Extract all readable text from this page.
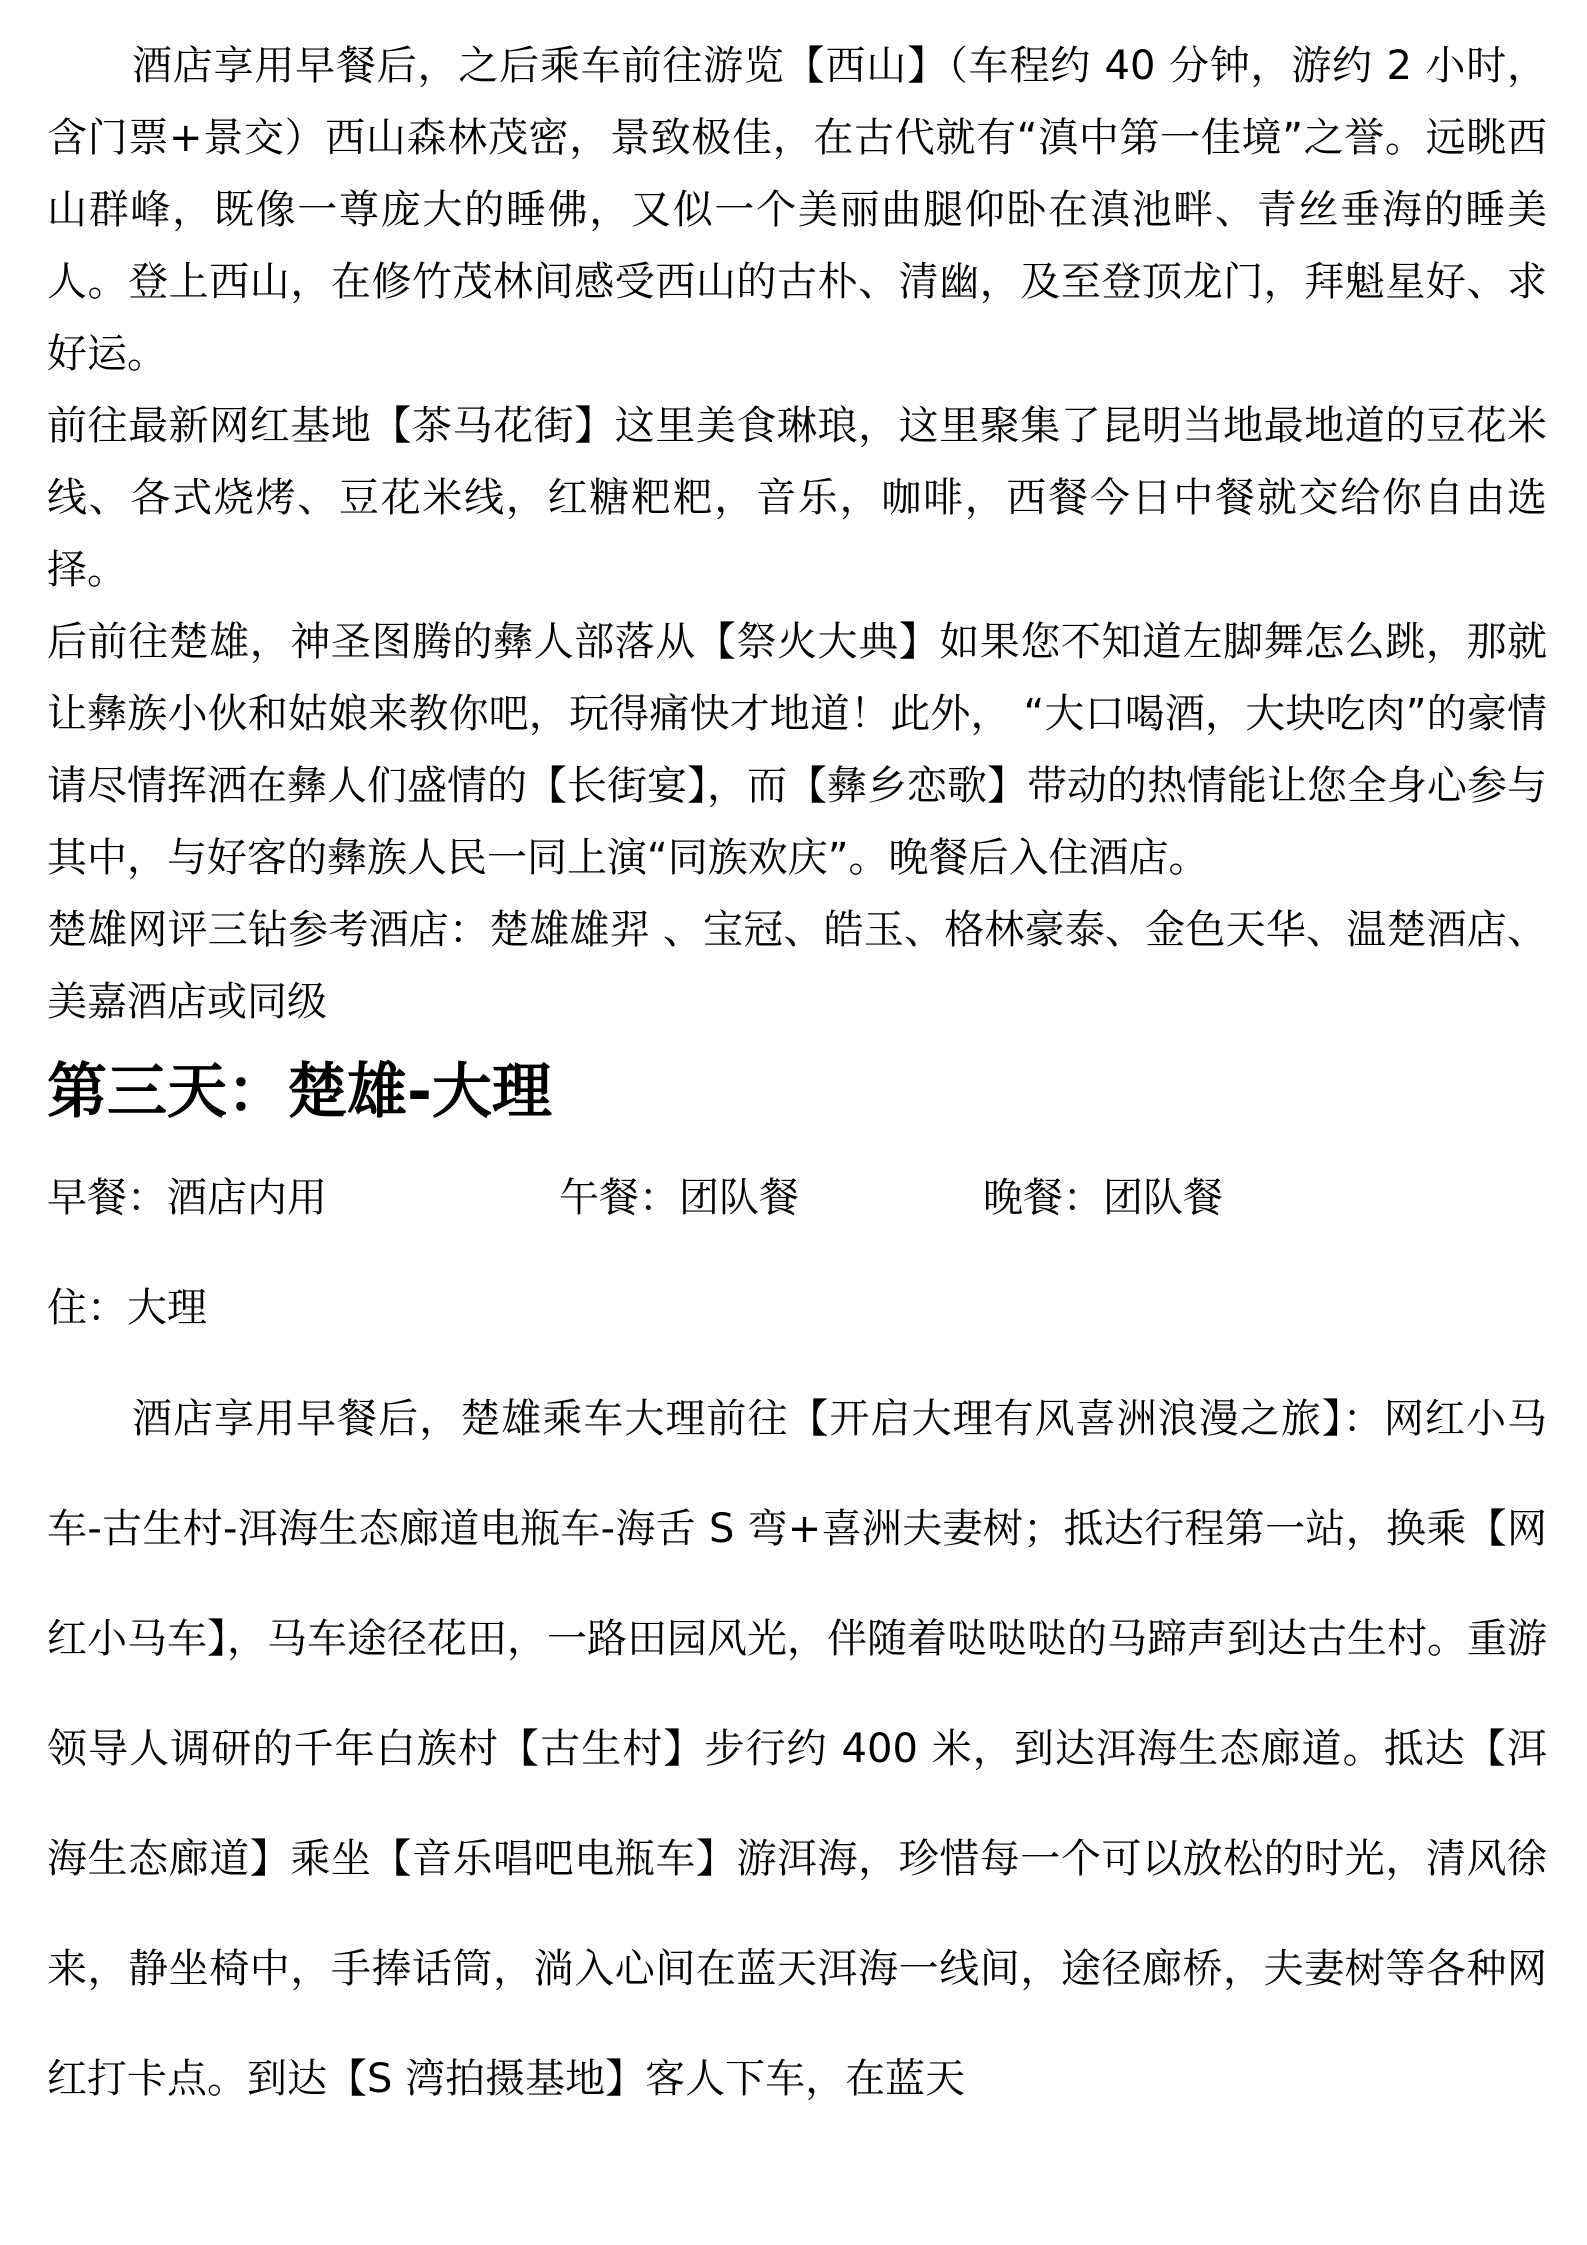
酒店享用早餐后，之后乘车前往游览【西山】（车程约 40 分钟，游约 2 小时，含门票+景交）西山森林茂密，景致极佳，在古代就有“滇中第一佳境”之誉。远眺西山群峰，既像一尊庞大的睡佛，又似一个美丽曲腿仰卧在滇池畔、青丝垂海的睡美人。登上西山，在修竹茂林间感受西山的古朴、清幽，及至登顶龙门，拜魁星好、求好运。

前往最新网红基地【茶马花街】这里美食琳琅，这里聚集了昆明当地最地道的豆花米线、各式烧烤、豆花米线，红糖粑粑，音乐，咖啡，西餐今日中餐就交给你自由选择。

后前往楚雄，神圣图腾的彝人部落从【祭火大典】如果您不知道左脚舞怎么跳，那就让彝族小伙和姑娘来教你吧，玩得痛快才地道！此外， “大口喝酒，大块吃肉”的豪情请尽情挥洒在彝人们盛情的【长街宴】，而【彝乡恋歌】带动的热情能让您全身心参与其中，与好客的彝族人民一同上演“同族欢庆”。晚餐后入住酒店。

楚雄网评三钻参考酒店：楚雄雄羿 、宝冠、皓玉、格林豪泰、金色天华、温楚酒店、美嘉酒店或同级

第三天：楚雄-大理
早餐：酒店内用	午餐：团队餐	晚餐：团队餐
住：大理

酒店享用早餐后，楚雄乘车大理前往【开启大理有风喜洲浪漫之旅】：网红小马车-古生村-洱海生态廊道电瓶车-海舌 S 弯+喜洲夫妻树；抵达行程第一站，换乘【网红小马车】，马车途径花田，一路田园风光，伴随着哒哒哒的马蹄声到达古生村。重游领导人调研的千年白族村【古生村】步行约 400 米，到达洱海生态廊道。抵达【洱海生态廊道】乘坐【音乐唱吧电瓶车】游洱海，珍惜每一个可以放松的时光，清风徐来，静坐椅中，手捧话筒，淌入心间在蓝天洱海一线间，途径廊桥，夫妻树等各种网红打卡点。到达【S 湾拍摄基地】客人下车，在蓝天
